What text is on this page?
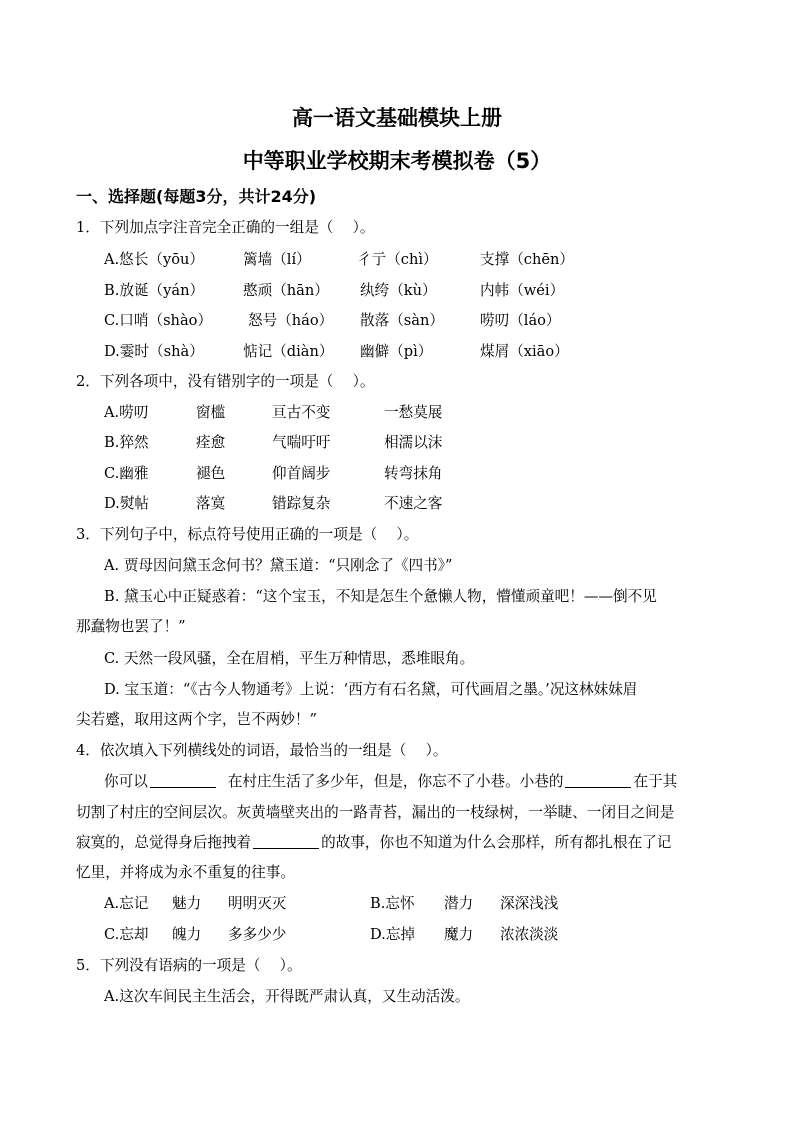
高一语文基础模块上册
中等职业学校期末考模拟卷（5）
一、选择题(每题3分，共计24分)
1．下列加点字注音完全正确的一组是（　 ）。
A.悠长（yōu）	篱墙（lí）	彳亍（chì）	支撑（chēn）
B.放诞（yán）	憨顽（hān） 纨绔（kù）	内帏（wéi）
C.口哨（shào） 怒号（háo） 散落（sàn） 唠叨（láo）
D.霎时（shà）	惦记（diàn） 幽僻（pì）	煤屑（xiāo）
2．下列各项中，没有错别字的一项是（　 ）。
A.唠叨	窗槛	亘古不变	一愁莫展
B.猝然	痊愈	气喘吁吁	相濡以沫
C.幽雅	褪色	仰首阔步	转弯抹角
D.熨帖	落寞	错踪复杂	不速之客
3．下列句子中，标点符号使用正确的一项是（　 ）。
A. 贾母因问黛玉念何书？黛玉道：“只刚念了《四书》”
B. 黛玉心中正疑惑着：“这个宝玉，不知是怎生个惫懒人物，懵懂顽童吧！——倒不见
那蠢物也罢了！”
C. 天然一段风骚，全在眉梢，平生万种情思，悉堆眼角。
D. 宝玉道：“《古今人物通考》上说：‘西方有石名黛，可代画眉之墨。’况这林妹妹眉
尖若蹙，取用这两个字，岂不两妙！”
4．依次填入下列横线处的词语，最恰当的一组是（　 ）。
你可以	在村庄生活了多少年，但是，你忘不了小巷。小巷的	在于其
切割了村庄的空间层次。灰黄墙壁夹出的一路青苔，漏出的一枝绿树，一举睫、一闭目之间是
寂寞的，总觉得身后拖拽着	的故事，你也不知道为什么会那样，所有都扎根在了记
忆里，并将成为永不重复的往事。
A.忘记 魅力 明明灭灭	B.忘怀 潜力 深深浅浅
C.忘却 魄力 多多少少	D.忘掉 魔力 浓浓淡淡
5．下列没有语病的一项是（　 ）。
A.这次车间民主生活会，开得既严肃认真，又生动活泼。
